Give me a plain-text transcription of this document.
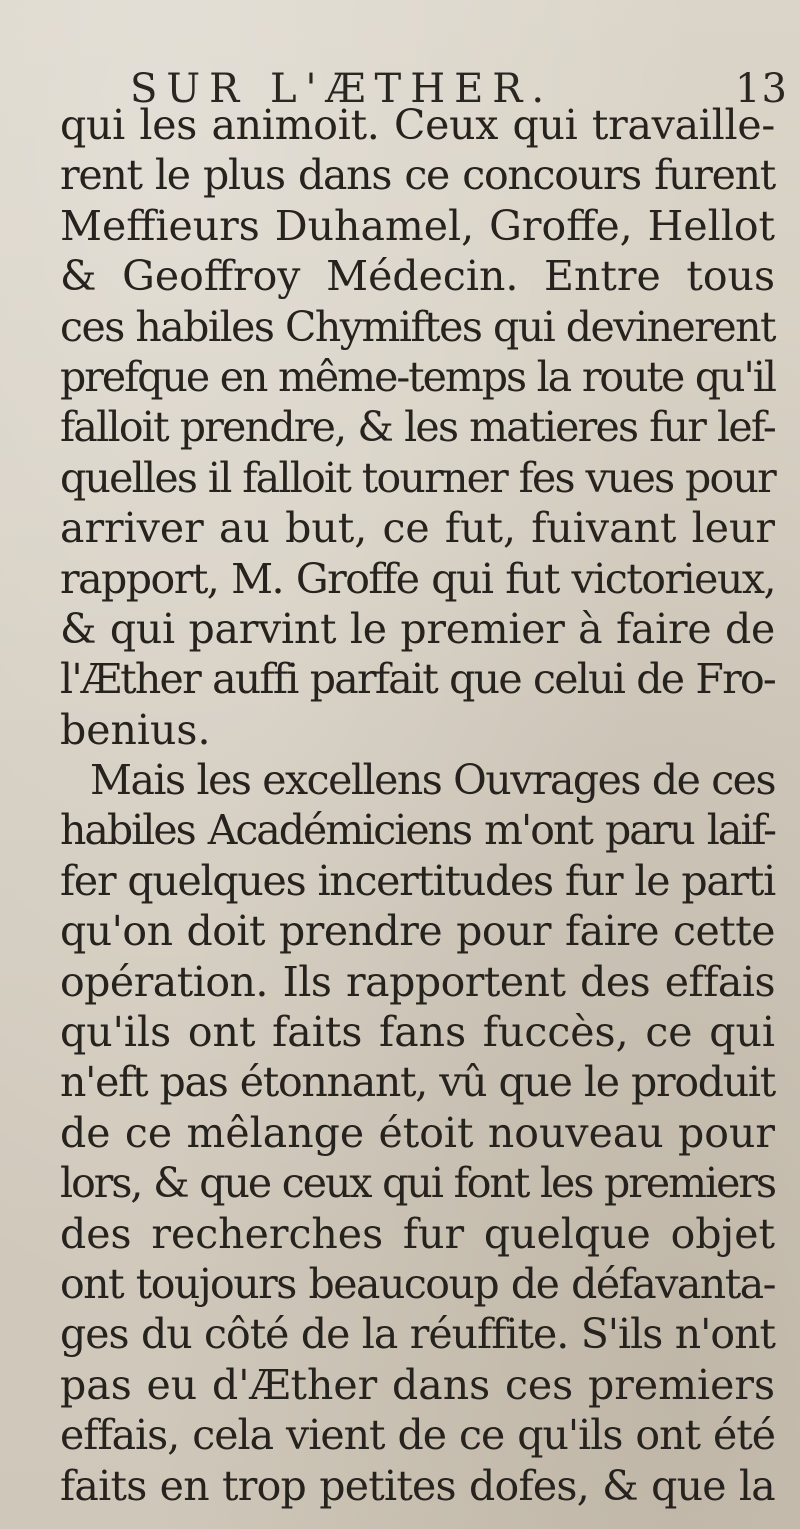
SUR L'ÆTHER.	13
qui les animoit. Ceux qui travaille-
rent le plus dans ce concours furent
Meffieurs Duhamel, Groffe, Hellot
& Geoffroy Médecin. Entre tous
ces habiles Chymiftes qui devinerent
prefque en même-temps la route qu'il
falloit prendre, & les matieres fur lef-
quelles il falloit tourner fes vues pour
arriver au but, ce fut, fuivant leur
rapport, M. Groffe qui fut victorieux,
& qui parvint le premier à faire de
l'Æther auffi parfait que celui de Fro-
benius.
Mais les excellens Ouvrages de ces
habiles Académiciens m'ont paru laif-
fer quelques incertitudes fur le parti
qu'on doit prendre pour faire cette
opération. Ils rapportent des effais
qu'ils ont faits fans fuccès, ce qui
n'eft pas étonnant, vû que le produit
de ce mêlange étoit nouveau pour
lors, & que ceux qui font les premiers
des recherches fur quelque objet
ont toujours beaucoup de défavanta-
ges du côté de la réuffite. S'ils n'ont
pas eu d'Æther dans ces premiers
effais, cela vient de ce qu'ils ont été
faits en trop petites dofes, & que la
